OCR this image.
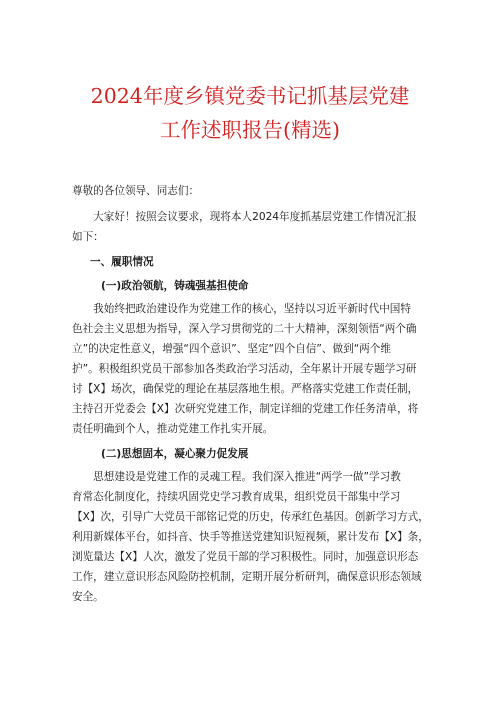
2024年度乡镇党委书记抓基层党建
工作述职报告(精选)
尊敬的各位领导、同志们：
　　大家好！按照会议要求，现将本人2024年度抓基层党建工作情况汇报
如下：
一、履职情况
(一)政治领航，铸魂强基担使命
　　我始终把政治建设作为党建工作的核心，坚持以习近平新时代中国特
色社会主义思想为指导，深入学习贯彻党的二十大精神，深刻领悟“两个确
立”的决定性意义，增强“四个意识”、坚定“四个自信”、做到“两个维
护”。积极组织党员干部参加各类政治学习活动，全年累计开展专题学习研
讨【X】场次，确保党的理论在基层落地生根。严格落实党建工作责任制，
主持召开党委会【X】次研究党建工作，制定详细的党建工作任务清单，将
责任明确到个人，推动党建工作扎实开展。
(二)思想固本，凝心聚力促发展
　　思想建设是党建工作的灵魂工程。我们深入推进“两学一做”学习教
育常态化制度化，持续巩固党史学习教育成果，组织党员干部集中学习
【X】次，引导广大党员干部铭记党的历史，传承红色基因。创新学习方式，
利用新媒体平台，如抖音、快手等推送党建知识短视频，累计发布【X】条，
浏览量达【X】人次，激发了党员干部的学习积极性。同时，加强意识形态
工作，建立意识形态风险防控机制，定期开展分析研判，确保意识形态领域
安全。
